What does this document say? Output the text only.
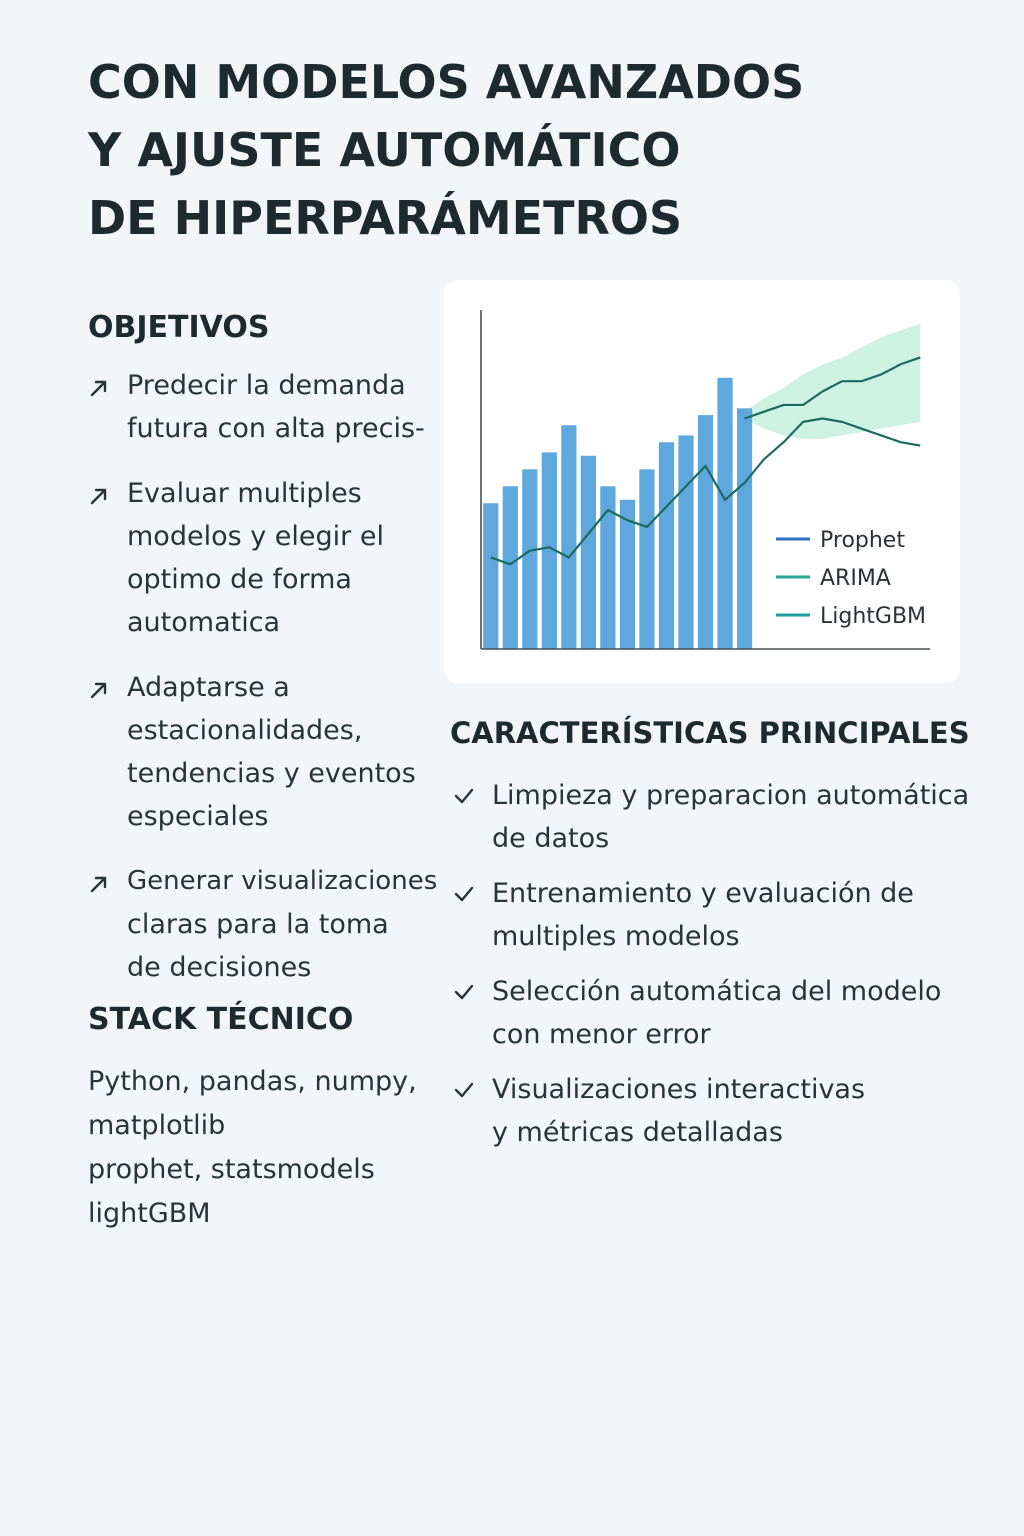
CON MODELOS AVANZADOS
Y AJUSTE AUTOMÁTICO
DE HIPERPARÁMETROS
OBJETIVOS
Predecir la demanda
futura con alta precis-
Evaluar multiples
modelos y elegir el
optimo de forma
automatica
Adaptarse a
estacionalidades,
tendencias y eventos
especiales
Generar visualizaciones
claras para la toma
de decisiones
STACK TÉCNICO
Python, pandas, numpy,
matplotlib
prophet, statsmodels
lightGBM
Prophet
ARIMA
LightGBM
CARACTERÍSTICAS PRINCIPALES
Limpieza y preparacion automática
de datos
Entrenamiento y evaluación de
multiples modelos
Selección automática del modelo
con menor error
Visualizaciones interactivas
y métricas detalladas
